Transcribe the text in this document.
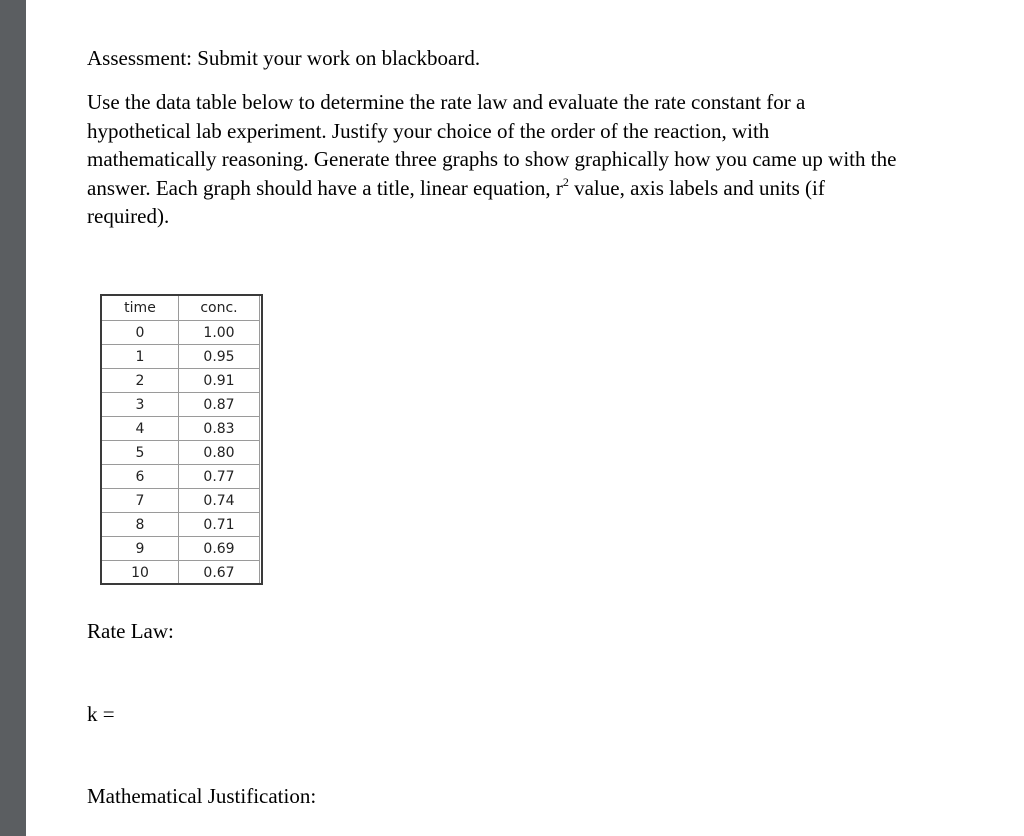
Assessment: Submit your work on blackboard.
Use the data table below to determine the rate law and evaluate the rate constant for a
hypothetical lab experiment. Justify your choice of the order of the reaction, with
mathematically reasoning. Generate three graphs to show graphically how you came up with the
answer. Each graph should have a title, linear equation, $r^2$ value, axis labels and units (if
required).
time	conc.
0	1.00
1	0.95
2	0.91
3	0.87
4	0.83
5	0.80
6	0.77
7	0.74
8	0.71
9	0.69
10	0.67
Rate Law:
k =
Mathematical Justification:
